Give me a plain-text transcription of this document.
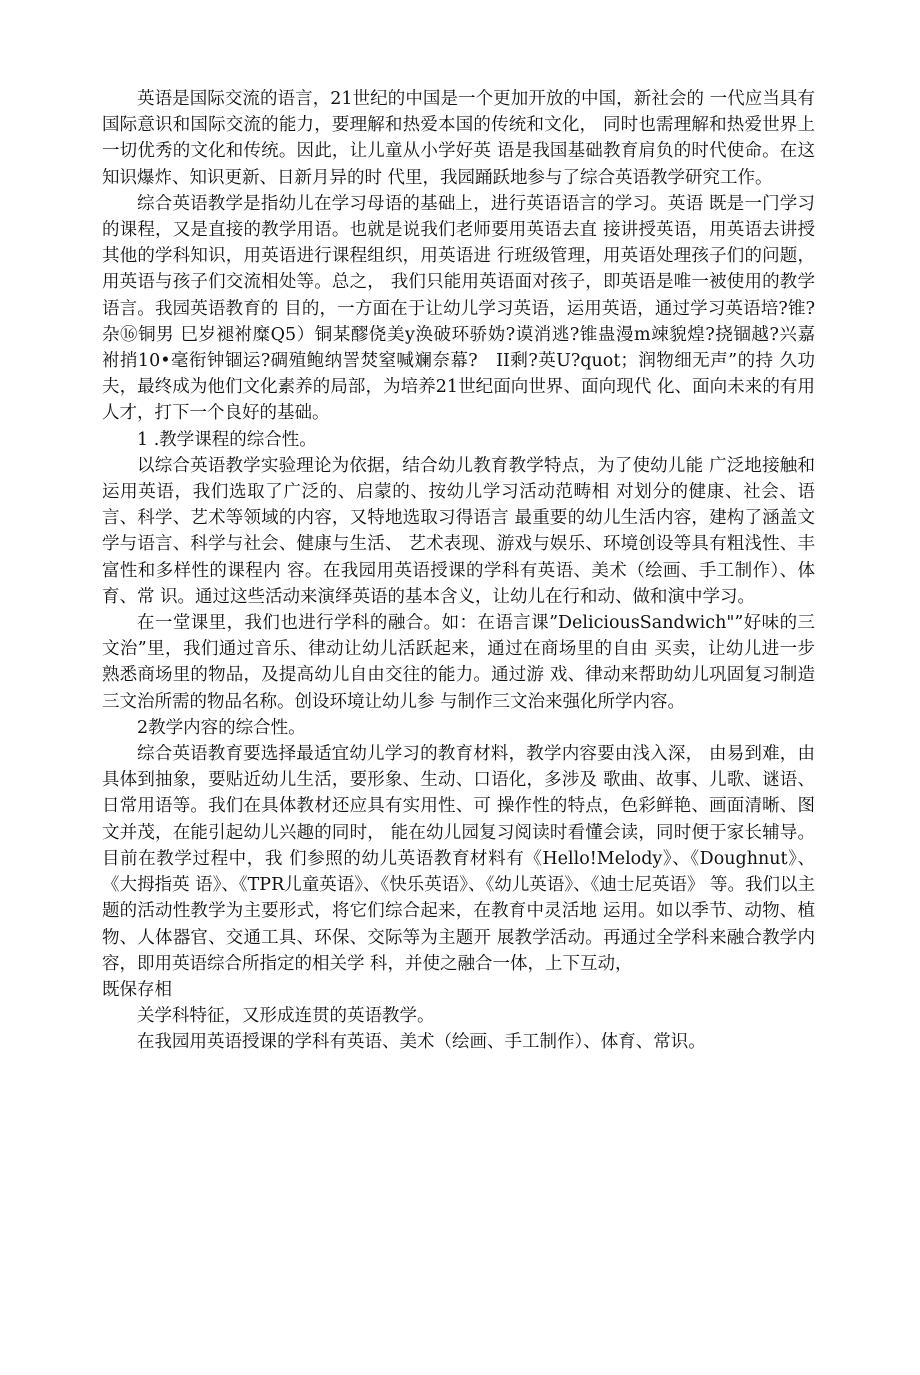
英语是国际交流的语言，21世纪的中国是一个更加开放的中国，新社会的 一代应当具有国际意识和国际交流的能力，要理解和热爱本国的传统和文化， 同时也需理解和热爱世界上一切优秀的文化和传统。因此，让儿童从小学好英 语是我国基础教育肩负的时代使命。在这知识爆炸、知识更新、日新月异的时 代里，我园踊跃地参与了综合英语教学研究工作。

综合英语教学是指幼儿在学习母语的基础上，进行英语语言的学习。英语 既是一门学习的课程，又是直接的教学用语。也就是说我们老师要用英语去直 接讲授英语，用英语去讲授其他的学科知识，用英语进行课程组织，用英语进 行班级管理，用英语处理孩子们的问题，用英语与孩子们交流相处等。总之， 我们只能用英语面对孩子，即英语是唯一被使用的教学语言。我园英语教育的 目的，一方面在于让幼儿学习英语，运用英语，通过学习英语培?锥?杂⑯铜男 巳岁褪袝糜Q5）铜某醪侥美y涣破环骄妫?谟消逃?锥蛊漫m竦貌煌?挠锢越?兴嘉　　袝捎10•毫衔钟锢运?碉殖鲍纳詈焚窒喊斓奈幕?　II剩?英U?quot；润物细无声”的持 久功夫，最终成为他们文化素养的局部，为培养21世纪面向世界、面向现代 化、面向未来的有用人才，打下一个良好的基础。

1 .教学课程的综合性。

以综合英语教学实验理论为依据，结合幼儿教育教学特点，为了使幼儿能 广泛地接触和运用英语，我们选取了广泛的、启蒙的、按幼儿学习活动范畴相 对划分的健康、社会、语言、科学、艺术等领域的内容，又特地选取习得语言 最重要的幼儿生活内容，建构了涵盖文学与语言、科学与社会、健康与生活、 艺术表现、游戏与娱乐、环境创设等具有粗浅性、丰富性和多样性的课程内 容。在我园用英语授课的学科有英语、美术（绘画、手工制作）、体育、常 识。通过这些活动来演绎英语的基本含义，让幼儿在行和动、做和演中学习。

在一堂课里，我们也进行学科的融合。如：在语言课”DeliciousSandwich"”好味的三文治”里，我们通过音乐、律动让幼儿活跃起来，通过在商场里的自由 买卖，让幼儿进一步熟悉商场里的物品，及提高幼儿自由交往的能力。通过游 戏、律动来帮助幼儿巩固复习制造三文治所需的物品名称。创设环境让幼儿参 与制作三文治来强化所学内容。

2教学内容的综合性。

综合英语教育要选择最适宜幼儿学习的教育材料，教学内容要由浅入深， 由易到难，由具体到抽象，要贴近幼儿生活，要形象、生动、口语化，多涉及 歌曲、故事、儿歌、谜语、日常用语等。我们在具体教材还应具有实用性、可 操作性的特点，色彩鲜艳、画面清晰、图文并茂，在能引起幼儿兴趣的同时， 能在幼儿园复习阅读时看懂会读，同时便于家长辅导。目前在教学过程中，我 们参照的幼儿英语教育材料有《Hello!Melody》、《Doughnut》、《大拇指英 语》、《TPR儿童英语》、《快乐英语》、《幼儿英语》、《迪士尼英语》 等。我们以主题的活动性教学为主要形式，将它们综合起来，在教育中灵活地 运用。如以季节、动物、植物、人体器官、交通工具、环保、交际等为主题开 展教学活动。再通过全学科来融合教学内容，即用英语综合所指定的相关学 科，并使之融合一体，上下互动，

既保存相

关学科特征，又形成连贯的英语教学。

在我园用英语授课的学科有英语、美术（绘画、手工制作）、体育、常识。
